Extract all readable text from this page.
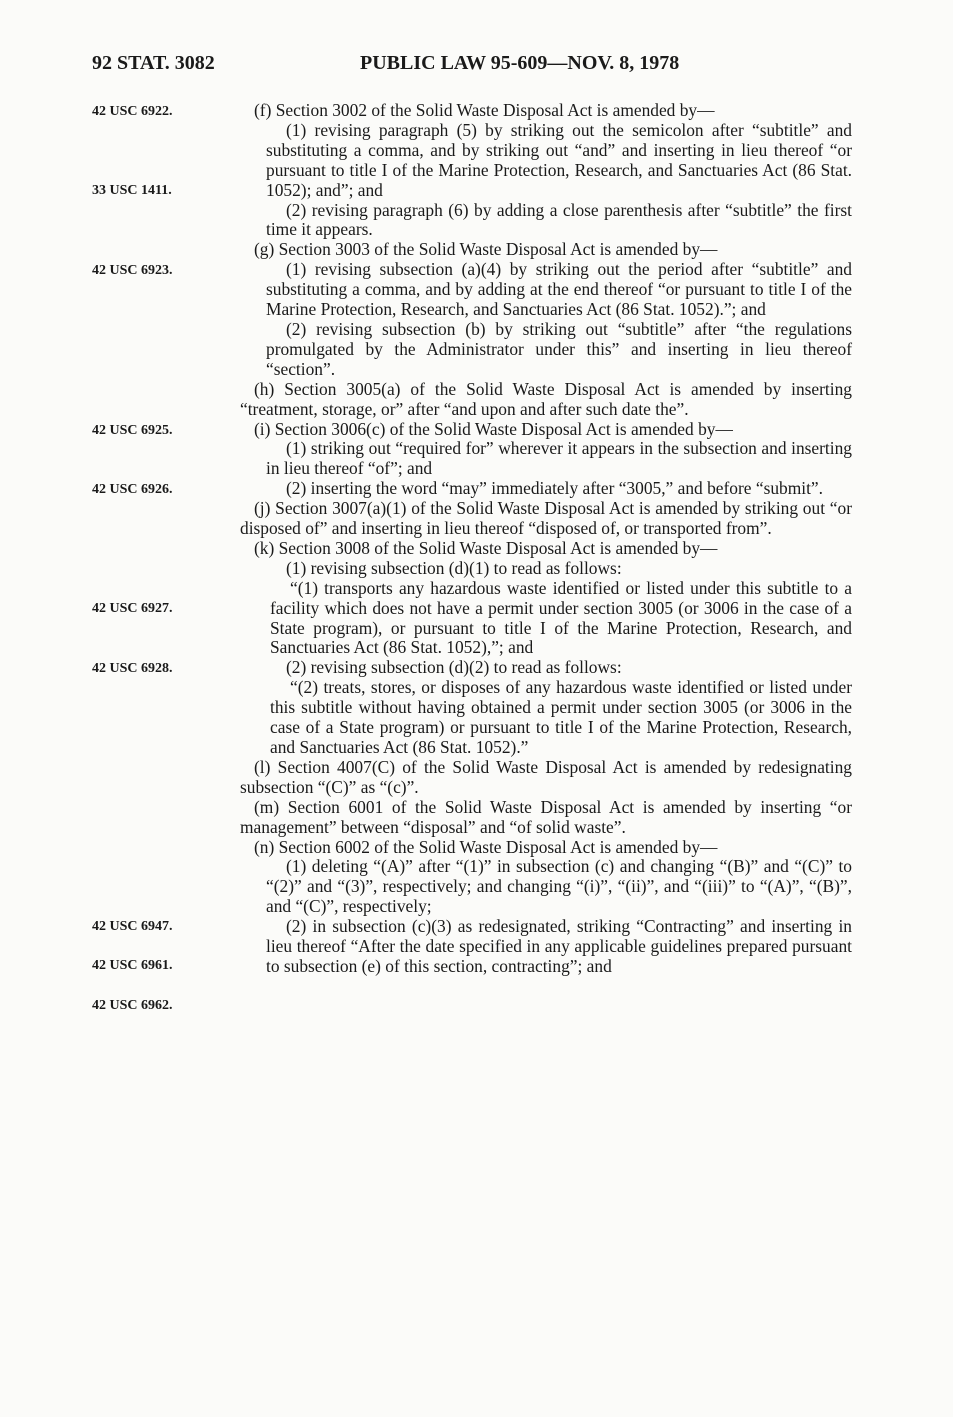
92 STAT. 3082	PUBLIC LAW 95-609—NOV. 8, 1978
42 USC 6922.
33 USC 1411.
42 USC 6923.
42 USC 6925.
42 USC 6926.
42 USC 6927.
42 USC 6928.
42 USC 6947.
42 USC 6961.
42 USC 6962.

(f) Section 3002 of the Solid Waste Disposal Act is amended by—

(1) revising paragraph (5) by striking out the semicolon after “subtitle” and substituting a comma, and by striking out “and” and inserting in lieu thereof “or pursuant to title I of the Marine Protection, Research, and Sanctuaries Act (86 Stat. 1052); and”; and

(2) revising paragraph (6) by adding a close parenthesis after “subtitle” the first time it appears.

(g) Section 3003 of the Solid Waste Disposal Act is amended by—

(1) revising subsection (a)(4) by striking out the period after “subtitle” and substituting a comma, and by adding at the end thereof “or pursuant to title I of the Marine Protection, Research, and Sanctuaries Act (86 Stat. 1052).”; and

(2) revising subsection (b) by striking out “subtitle” after “the regulations promulgated by the Administrator under this” and inserting in lieu thereof “section”.

(h) Section 3005(a) of the Solid Waste Disposal Act is amended by inserting “treatment, storage, or” after “and upon and after such date the”.

(i) Section 3006(c) of the Solid Waste Disposal Act is amended by—

(1) striking out “required for” wherever it appears in the subsection and inserting in lieu thereof “of”; and

(2) inserting the word “may” immediately after “3005,” and before “submit”.

(j) Section 3007(a)(1) of the Solid Waste Disposal Act is amended by striking out “or disposed of” and inserting in lieu thereof “disposed of, or transported from”.

(k) Section 3008 of the Solid Waste Disposal Act is amended by—

(1) revising subsection (d)(1) to read as follows:

“(1) transports any hazardous waste identified or listed under this subtitle to a facility which does not have a permit under section 3005 (or 3006 in the case of a State program), or pursuant to title I of the Marine Protection, Research, and Sanctuaries Act (86 Stat. 1052),”; and

(2) revising subsection (d)(2) to read as follows:

“(2) treats, stores, or disposes of any hazardous waste identified or listed under this subtitle without having obtained a permit under section 3005 (or 3006 in the case of a State program) or pursuant to title I of the Marine Protection, Research, and Sanctuaries Act (86 Stat. 1052).”

(l) Section 4007(C) of the Solid Waste Disposal Act is amended by redesignating subsection “(C)” as “(c)”.

(m) Section 6001 of the Solid Waste Disposal Act is amended by inserting “or management” between “disposal” and “of solid waste”.

(n) Section 6002 of the Solid Waste Disposal Act is amended by—

(1) deleting “(A)” after “(1)” in subsection (c) and changing “(B)” and “(C)” to “(2)” and “(3)”, respectively; and changing “(i)”, “(ii)”, and “(iii)” to “(A)”, “(B)”, and “(C)”, respectively;

(2) in subsection (c)(3) as redesignated, striking “Contracting” and inserting in lieu thereof “After the date specified in any applicable guidelines prepared pursuant to subsection (e) of this section, contracting”; and
